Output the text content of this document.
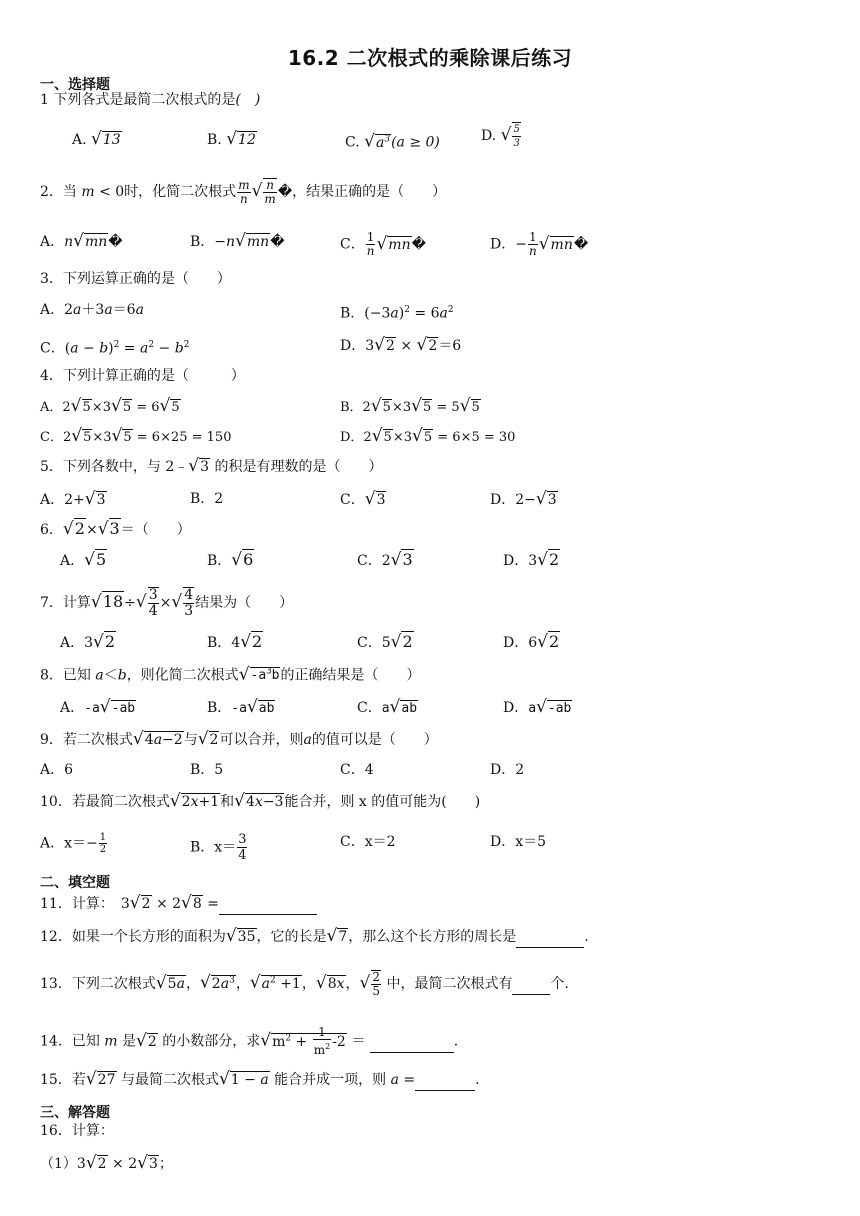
16.2 二次根式的乘除课后练习
一、选择题
1 下列各式是最简二次根式的是(　)
A. √13	B. √12	C. $√a^3(a \ge 0)$	D. √ $\frac{5}{3}$
2．当 m < 0时，化简二次根式 $\frac{m}{n}$ √ $\frac{n}{m}$ �，结果正确的是（　　）
A．n√mn�	B．−n√mn�	C． $\frac{1}{n}$ √mn�	D．− $\frac{1}{n}$ √mn�
3．下列运算正确的是（　　）
A．2a＋3a＝6a	B．$(-3a)^2 = 6a^2$
C．$(a - b)^2 = a^2 - b^2$	D．3√2 × √2＝6
4．下列计算正确的是（　　　）
A．2√5×3√5 = 6√5	B．2√5×3√5 = 5√5
C．2√5×3√5 = 6×25 = 150	D．2√5×3√5 = 6×5 = 30
5．下列各数中，与 2﹣√3 的积是有理数的是（　　）
A．2+√3	B．2	C．√3	D．2−√3
6．√2×√3＝（　　）
A．√5	B．√6	C．2√3	D．3√2
7．计算$√18\div√ \frac{3}{4}$ ×√ $\frac{4}{3}$ 结果为（　　）
A．3√2	B．4√2	C．5√2	D．6√2
8．已知 a＜b，则化简二次根式$√-a^3b$的正确结果是（　　）
A．-a√-ab	B．-a√ab	C．a√ab	D．a√-ab
9．若二次根式√4a−2与√2可以合并，则a的值可以是（　　）
A．6	B．5	C．4	D．2
10．若最简二次根式√2x+1和√4x−3能合并，则 x 的值可能为(　　)
A．$x=- \frac{1}{2}$	B．$x= \frac{3}{4}$	C．x＝2	D．x＝5
二、填空题
11．计算：　3√2 × 2√8 =
12．如果一个长方形的面积为√35，它的长是√7，那么这个长方形的周长是	.
13．下列二次根式√5a，$√2a^3$，$√a^2 +1$，√8x，√ $\frac{2}{5}$ 中，最简二次根式有	个.
14．已知 m 是√2 的小数部分，求$√m^2 + \frac{1}{m^2} -2$ ＝	.
15．若√27 与最简二次根式√1 − a 能合并成一项，则 a =	.
三、解答题
16．计算：
（1）3√2 × 2√3；
